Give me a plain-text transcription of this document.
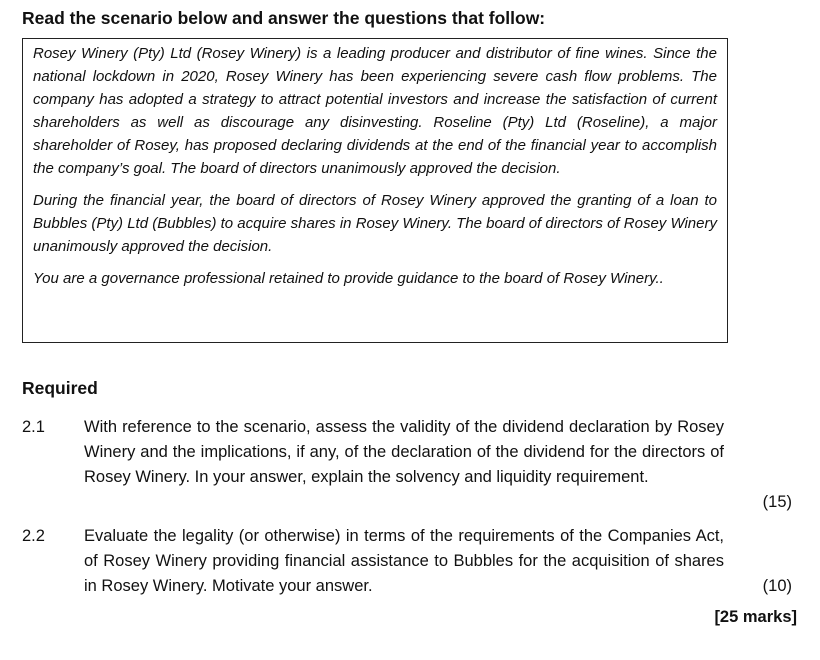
Read the scenario below and answer the questions that follow:

Rosey Winery (Pty) Ltd (Rosey Winery) is a leading producer and distributor of fine wines. Since the national lockdown in 2020, Rosey Winery has been experiencing severe cash flow problems. The company has adopted a strategy to attract potential investors and increase the satisfaction of current shareholders as well as discourage any disinvesting. Roseline (Pty) Ltd (Roseline), a major shareholder of Rosey, has proposed declaring dividends at the end of the financial year to accomplish the company’s goal. The board of directors unanimously approved the decision.

During the financial year, the board of directors of Rosey Winery approved the granting of a loan to Bubbles (Pty) Ltd (Bubbles) to acquire shares in Rosey Winery. The board of directors of Rosey Winery unanimously approved the decision.

You are a governance professional retained to provide guidance to the board of Rosey Winery..

Required
2.1 With reference to the scenario, assess the validity of the dividend declaration by Rosey Winery and the implications, if any, of the declaration of the dividend for the directors of Rosey Winery. In your answer, explain the solvency and liquidity requirement.

(15)
2.2 Evaluate the legality (or otherwise) in terms of the requirements of the Companies Act, of Rosey Winery providing financial assistance to Bubbles for the acquisition of shares in Rosey Winery. Motivate your answer.	(10)
[25 marks]
